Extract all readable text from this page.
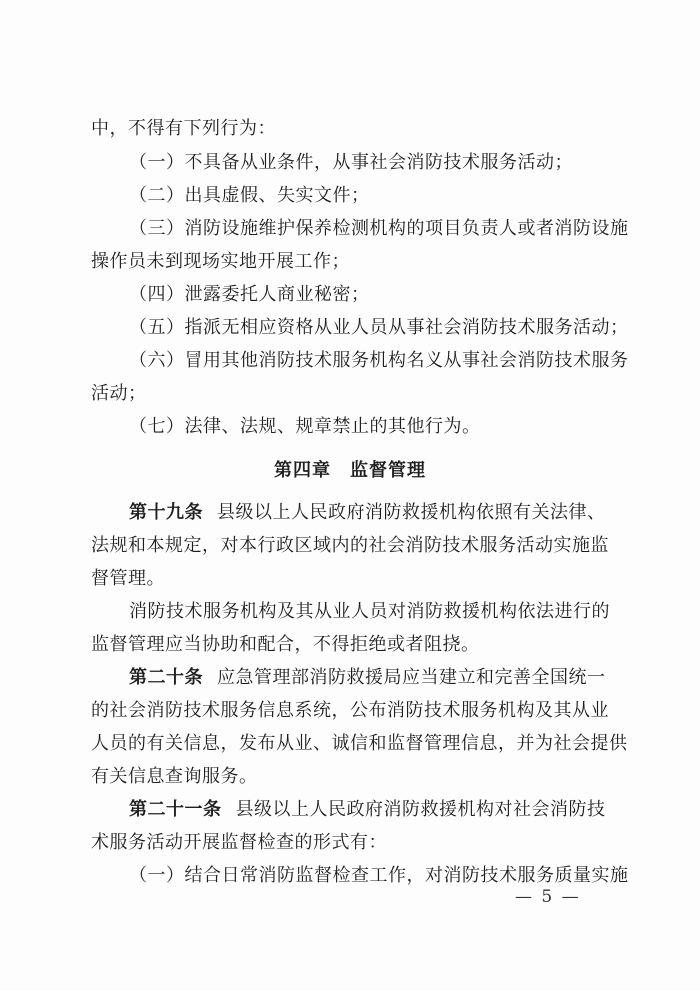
中，不得有下列行为：
（一）不具备从业条件，从事社会消防技术服务活动；
（二）出具虚假、失实文件；
（三）消防设施维护保养检测机构的项目负责人或者消防设施
操作员未到现场实地开展工作；
（四）泄露委托人商业秘密；
（五）指派无相应资格从业人员从事社会消防技术服务活动；
（六）冒用其他消防技术服务机构名义从事社会消防技术服务
活动；
（七）法律、法规、规章禁止的其他行为。
第四章　监督管理
第十九条 县级以上人民政府消防救援机构依照有关法律、
法规和本规定，对本行政区域内的社会消防技术服务活动实施监
督管理。
消防技术服务机构及其从业人员对消防救援机构依法进行的
监督管理应当协助和配合，不得拒绝或者阻挠。
第二十条 应急管理部消防救援局应当建立和完善全国统一
的社会消防技术服务信息系统，公布消防技术服务机构及其从业
人员的有关信息，发布从业、诚信和监督管理信息，并为社会提供
有关信息查询服务。
第二十一条 县级以上人民政府消防救援机构对社会消防技
术服务活动开展监督检查的形式有：
（一）结合日常消防监督检查工作，对消防技术服务质量实施
— 5 —
